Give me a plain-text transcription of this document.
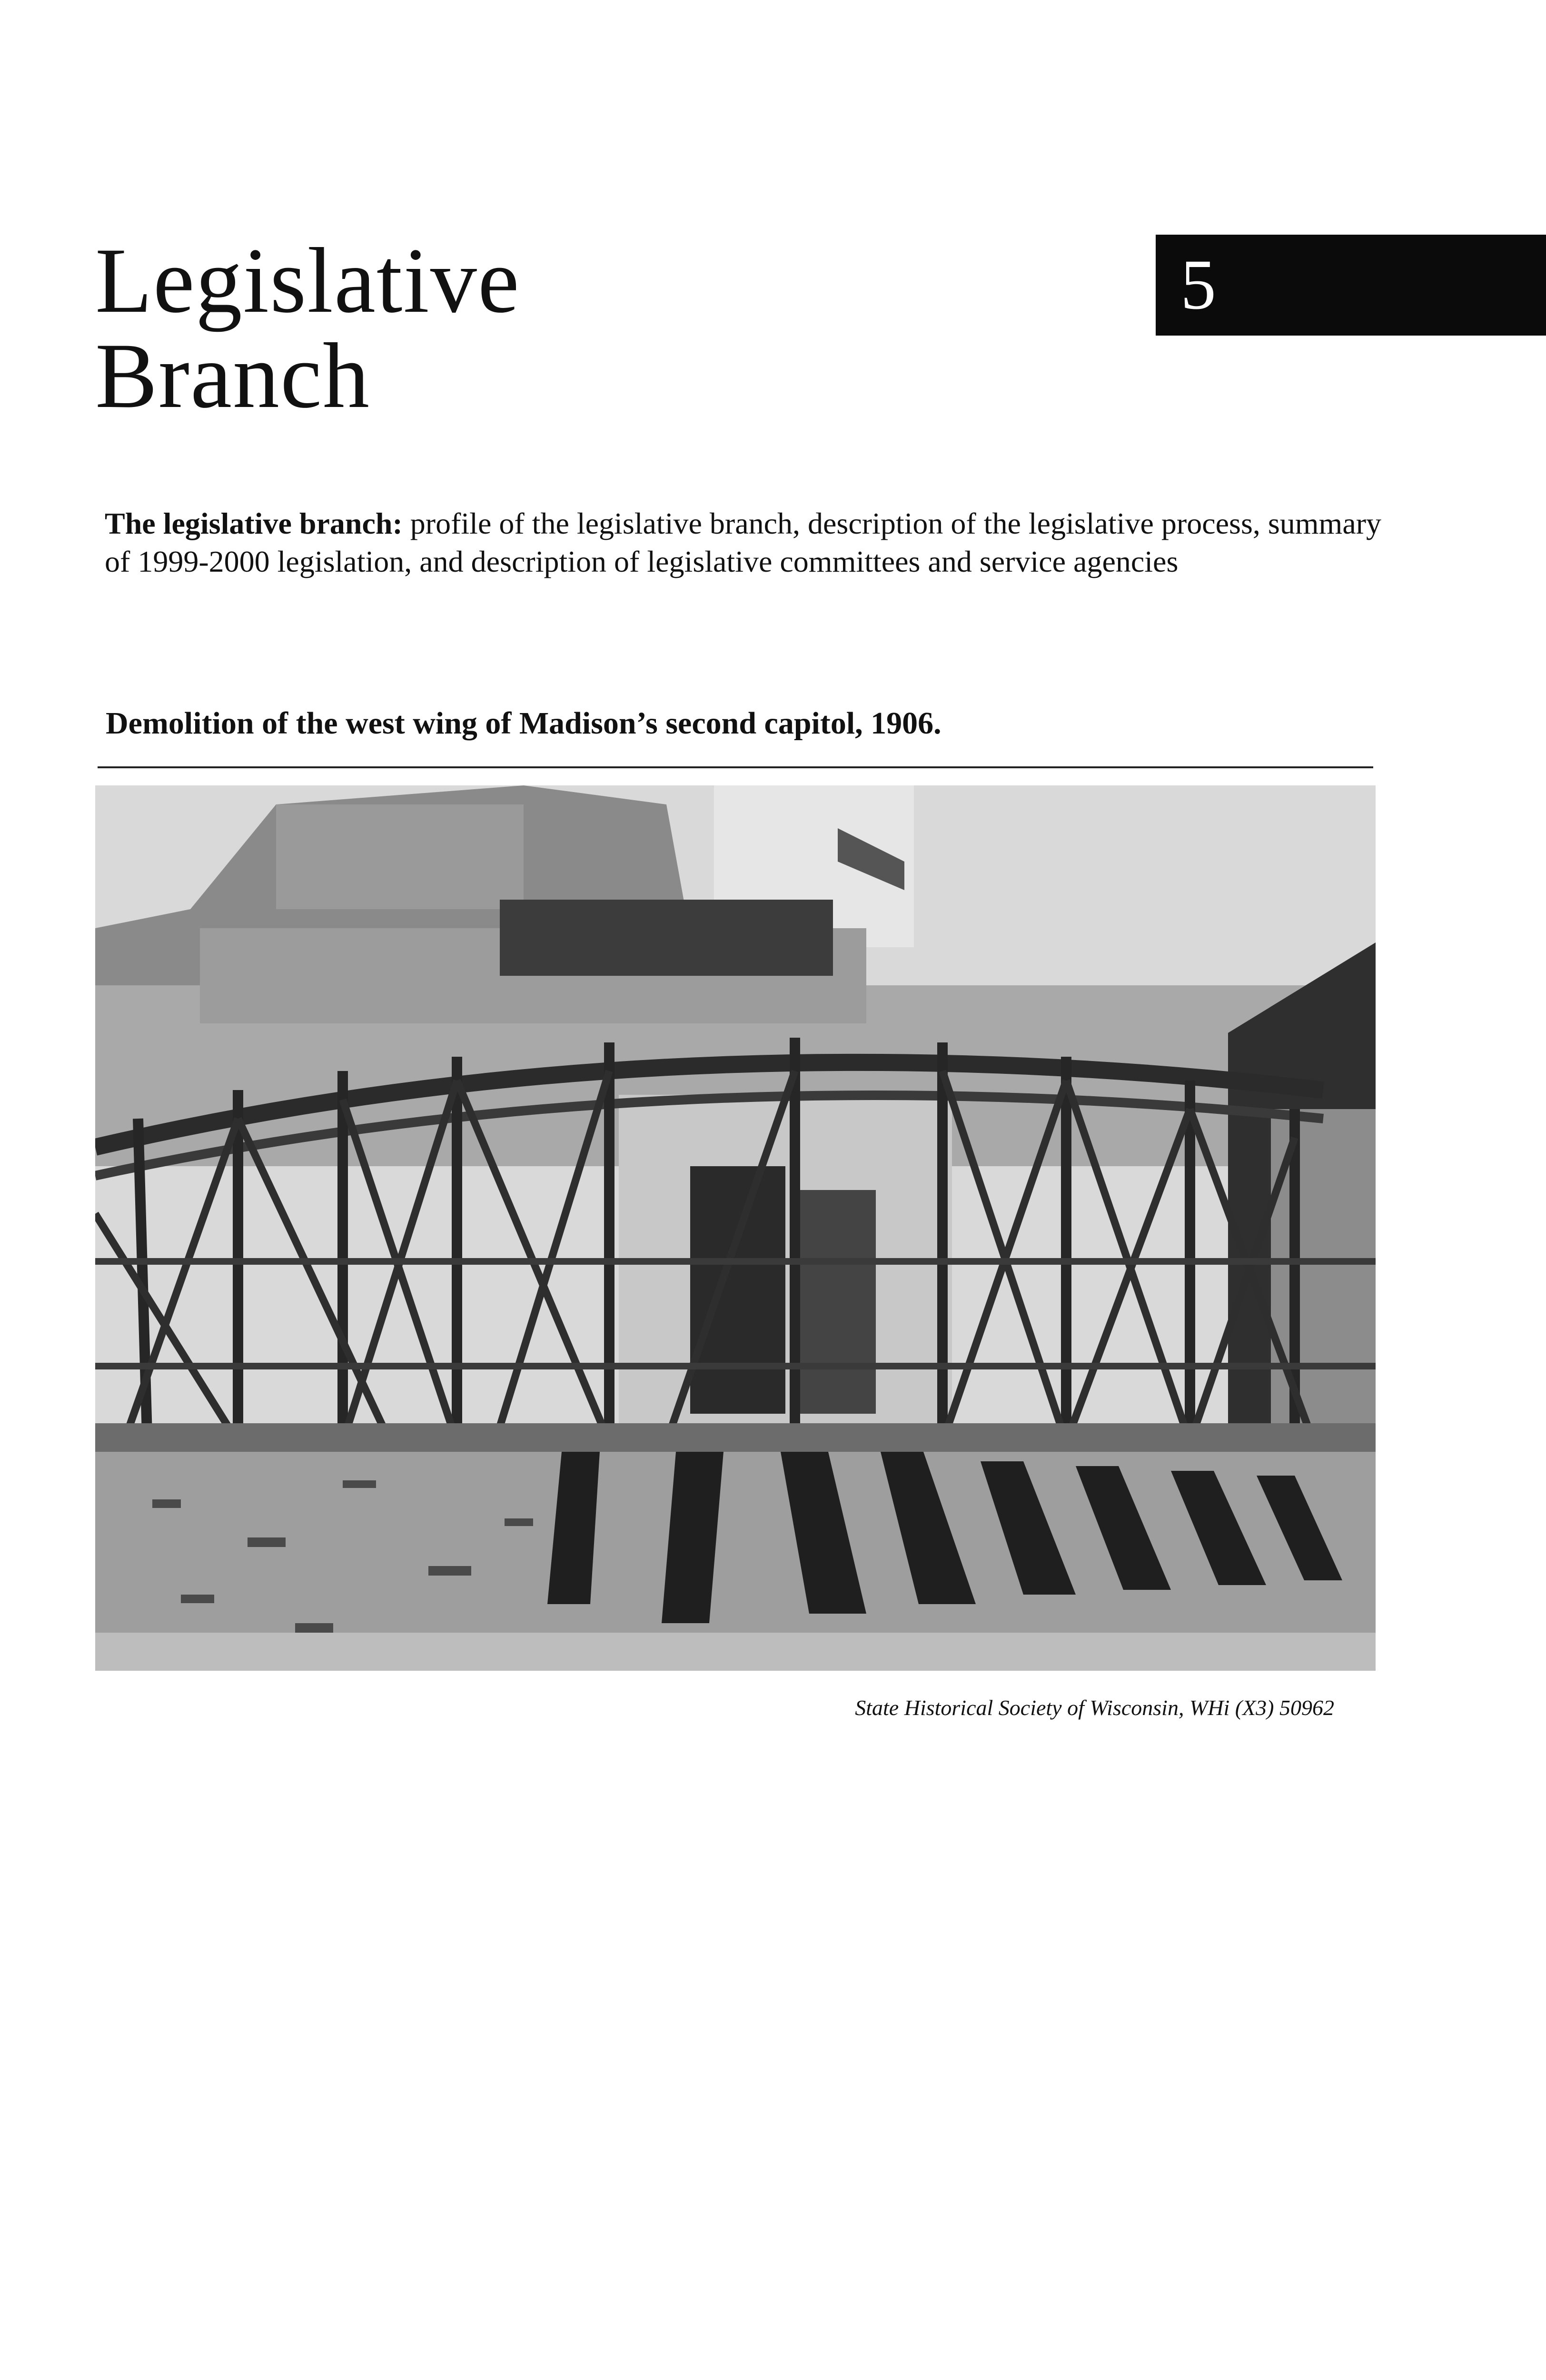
Legislative
Branch
5

The legislative branch: profile of the legislative branch, description of the legislative process, summary of 1999-2000 legislation, and description of legislative committees and service agencies

Demolition of the west wing of Madison’s second capitol, 1906.

State Historical Society of Wisconsin, WHi (X3) 50962
